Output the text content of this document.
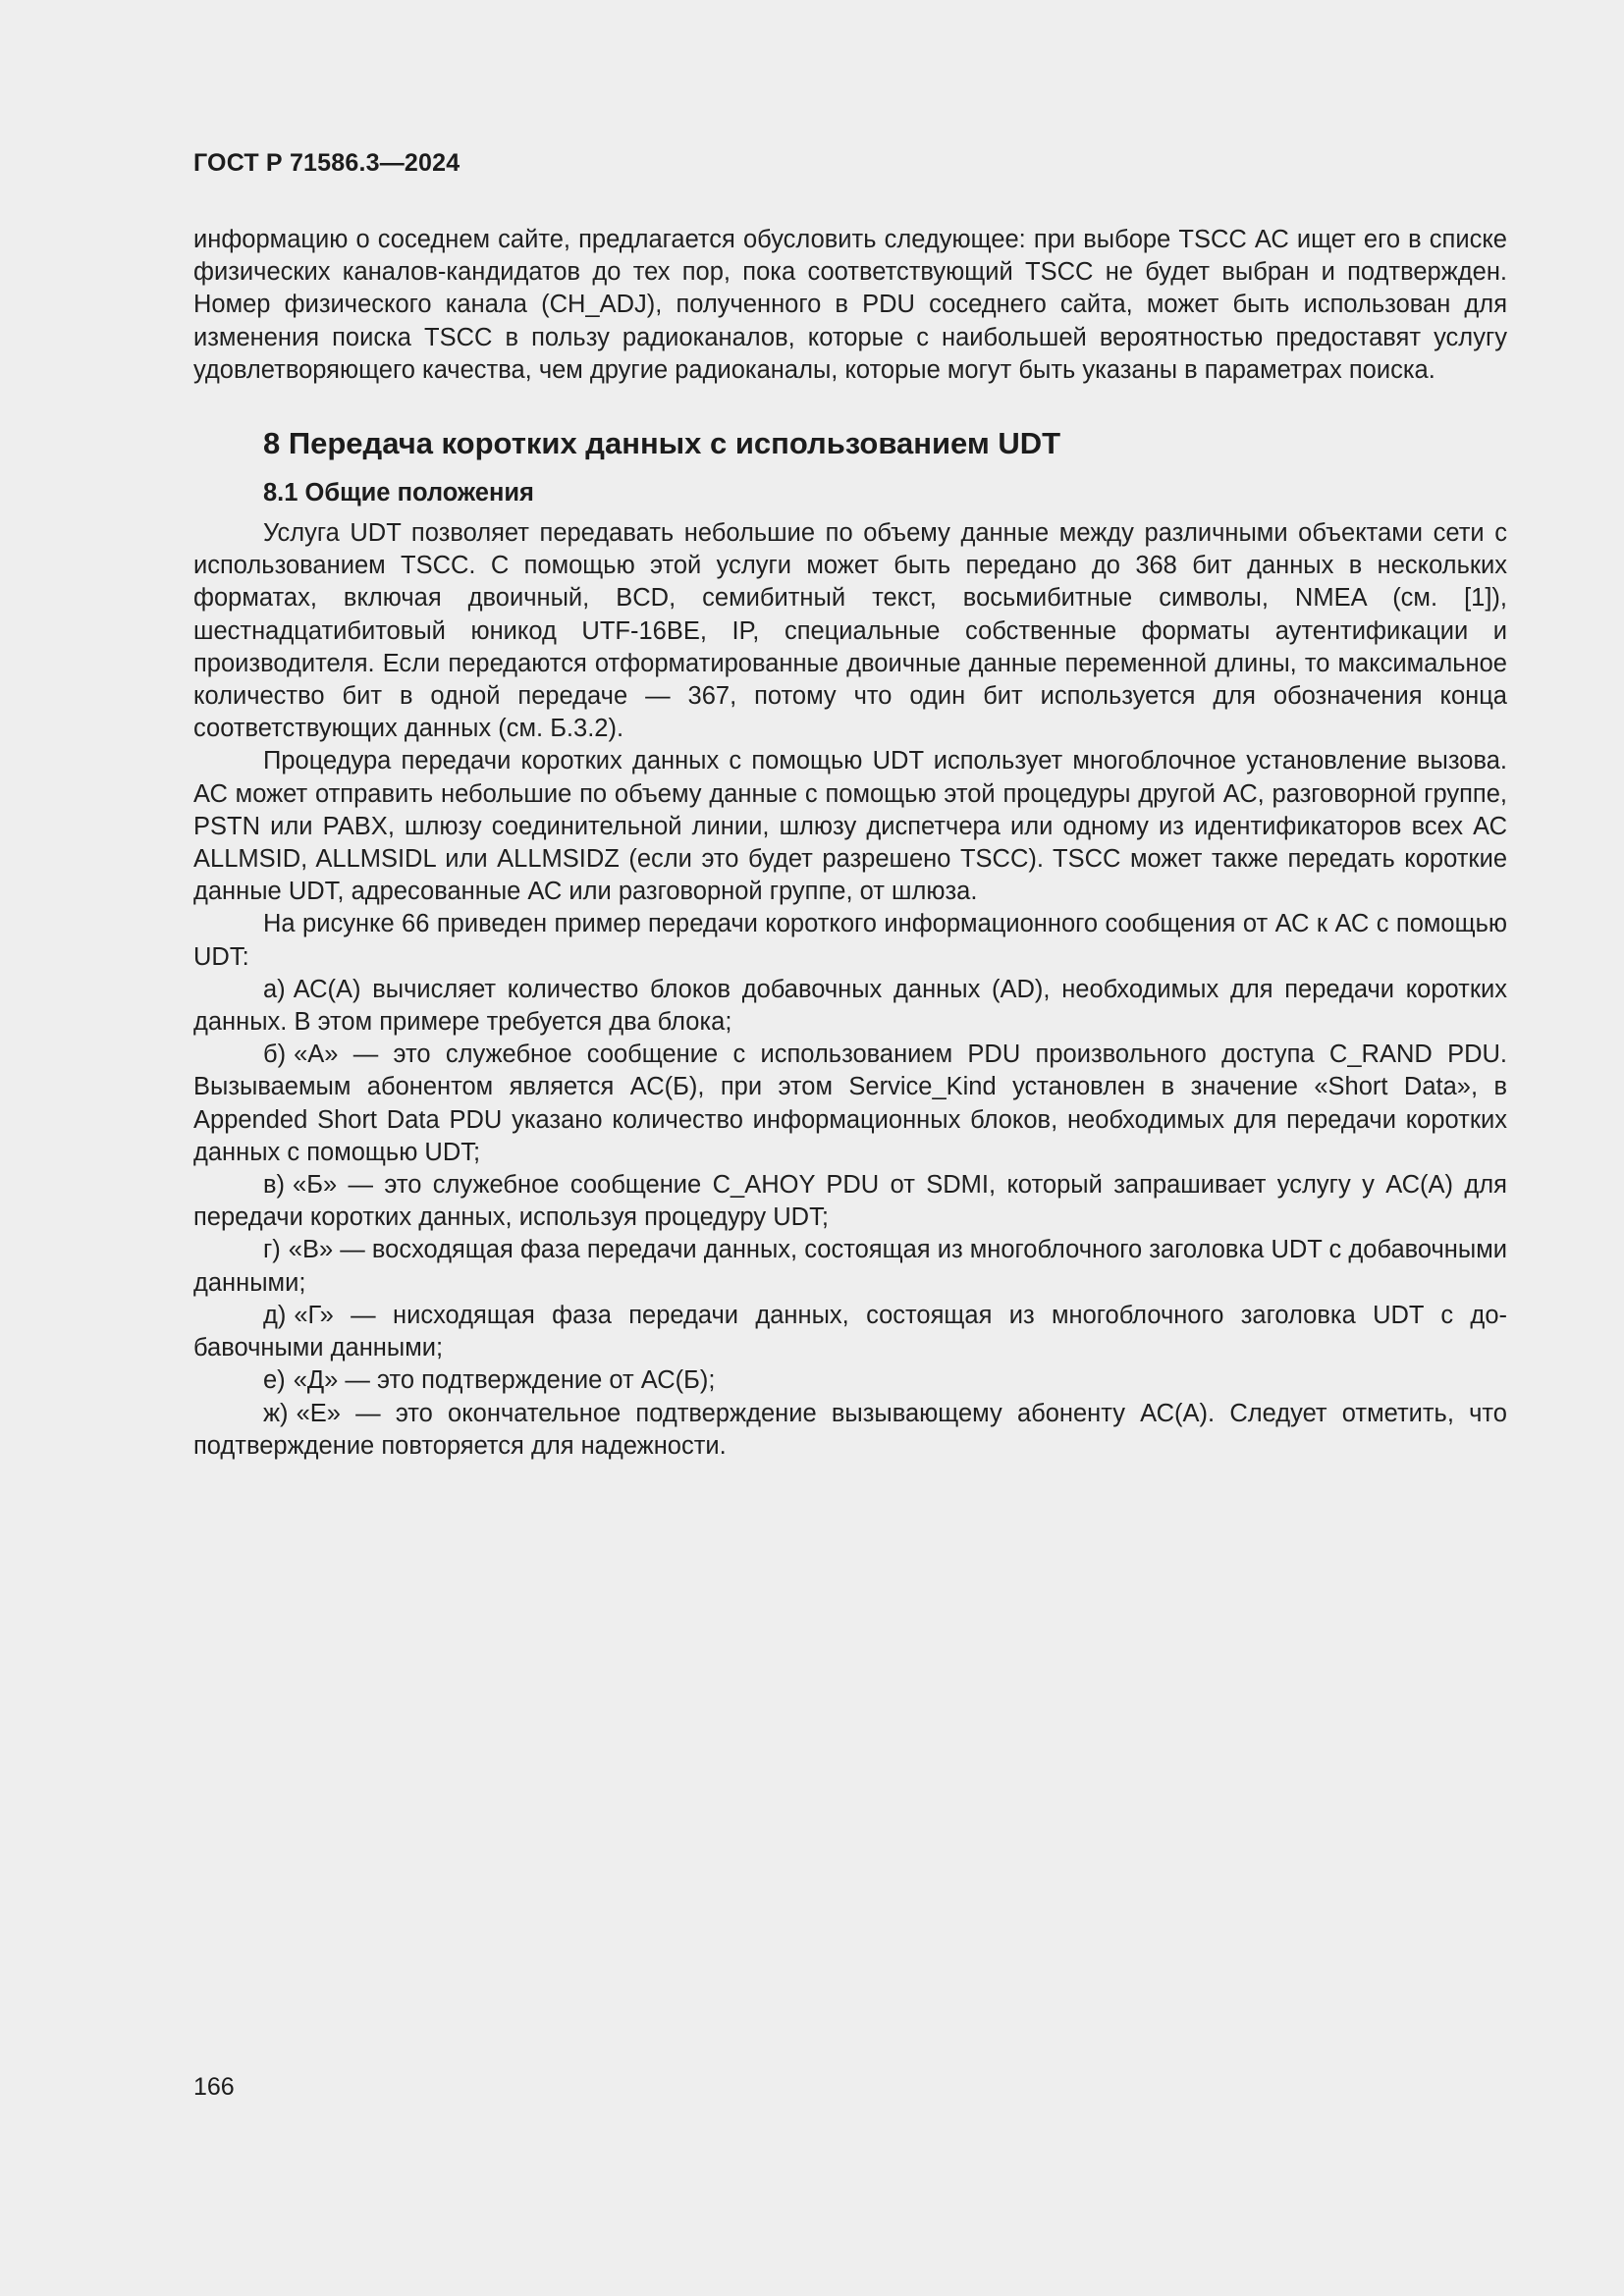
ГОСТ Р 71586.3—2024

информацию о соседнем сайте, предлагается обусловить следующее: при выборе TSCC АС ищет его в списке физических каналов-кандидатов до тех пор, пока соответствующий TSCC не будет выбран и подтвержден. Номер физического канала (CH_ADJ), полученного в PDU соседнего сайта, может быть использован для изменения поиска TSCC в пользу радиоканалов, которые с наибольшей вероятностью предоставят услугу удовлетворяющего качества, чем другие радиоканалы, которые могут быть указаны в параметрах поиска.

8 Передача коротких данных с использованием UDT

8.1 Общие положения

Услуга UDT позволяет передавать небольшие по объему данные между различными объектами сети с использованием TSCC. С помощью этой услуги может быть передано до 368 бит данных в нескольких форматах, включая двоичный, BCD, семибитный текст, восьмибитные символы, NMEA (см. [1]), шестнадцатибитовый юникод UTF-16BE, IP, специальные собственные форматы аутентификации и производителя. Если передаются отформатированные двоичные данные переменной длины, то максимальное количество бит в одной передаче — 367, потому что один бит используется для обозначения конца соответствующих данных (см. Б.3.2).

Процедура передачи коротких данных с помощью UDT использует многоблочное установление вызова. АС может отправить небольшие по объему данные с помощью этой процедуры другой АС, разговорной группе, PSTN или PABX, шлюзу соединительной линии, шлюзу диспетчера или одному из идентификаторов всех АС ALLMSID, ALLMSIDL или ALLMSIDZ (если это будет разрешено TSCC). TSCC может также передать короткие данные UDT, адресованные АС или разговорной группе, от шлюза.

На рисунке 66 приведен пример передачи короткого информационного сообщения от АС к АС с помощью UDT:

а) АС(А) вычисляет количество блоков добавочных данных (AD), необходимых для передачи коротких данных. В этом примере требуется два блока;

б) «А» — это служебное сообщение с использованием PDU произвольного доступа C_RAND PDU. Вызываемым абонентом является АС(Б), при этом Service_Kind установлен в значение «Short Data», в Appended Short Data PDU указано количество информационных блоков, необходимых для передачи коротких данных с помощью UDT;

в) «Б» — это служебное сообщение C_AHOY PDU от SDMI, который запрашивает услугу у АС(А) для передачи коротких данных, используя процедуру UDT;

г) «В» — восходящая фаза передачи данных, состоящая из многоблочного заголовка UDT с добавочными данными;

д) «Г» — нисходящая фаза передачи данных, состоящая из многоблочного заголовка UDT с добавочными данными;

е) «Д» — это подтверждение от АС(Б);

ж) «Е» — это окончательное подтверждение вызывающему абоненту АС(А). Следует отметить, что подтверждение повторяется для надежности.

166
